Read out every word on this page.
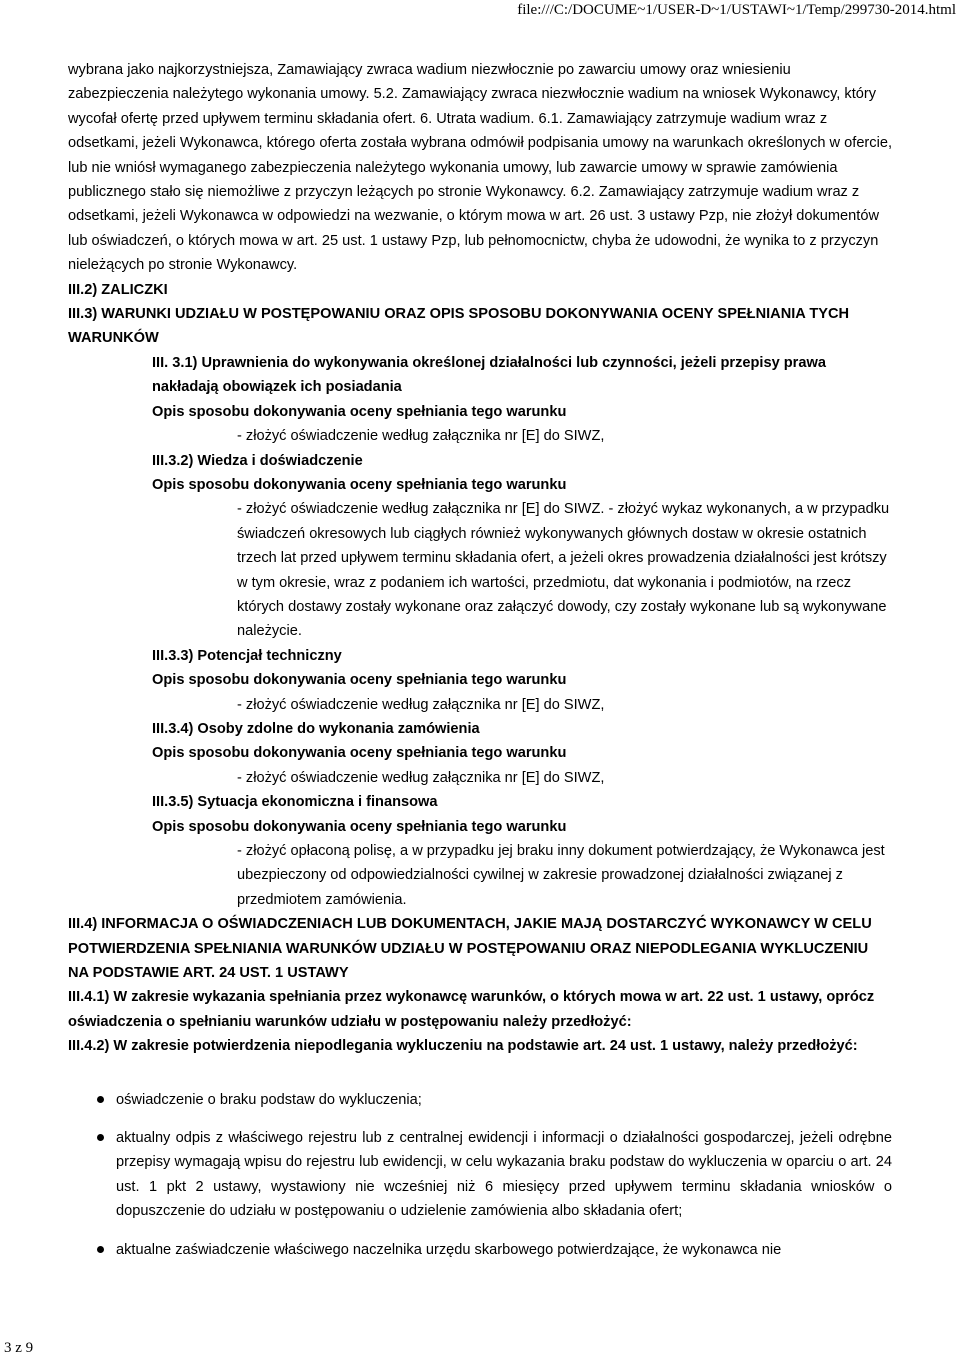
file:///C:/DOCUME~1/USER-D~1/USTAWI~1/Temp/299730-2014.html

wybrana jako najkorzystniejsza, Zamawiający zwraca wadium niezwłocznie po zawarciu umowy oraz wniesieniu zabezpieczenia należytego wykonania umowy. 5.2. Zamawiający zwraca niezwłocznie wadium na wniosek Wykonawcy, który wycofał ofertę przed upływem terminu składania ofert. 6. Utrata wadium. 6.1. Zamawiający zatrzymuje wadium wraz z odsetkami, jeżeli Wykonawca, którego oferta została wybrana odmówił podpisania umowy na warunkach określonych w ofercie, lub nie wniósł wymaganego zabezpieczenia należytego wykonania umowy, lub zawarcie umowy w sprawie zamówienia publicznego stało się niemożliwe z przyczyn leżących po stronie Wykonawcy. 6.2. Zamawiający zatrzymuje wadium wraz z odsetkami, jeżeli Wykonawca w odpowiedzi na wezwanie, o którym mowa w art. 26 ust. 3 ustawy Pzp, nie złożył dokumentów lub oświadczeń, o których mowa w art. 25 ust. 1 ustawy Pzp, lub pełnomocnictw, chyba że udowodni, że wynika to z przyczyn nieleżących po stronie Wykonawcy.

III.2) ZALICZKI

III.3) WARUNKI UDZIAŁU W POSTĘPOWANIU ORAZ OPIS SPOSOBU DOKONYWANIA OCENY SPEŁNIANIA TYCH WARUNKÓW

III. 3.1) Uprawnienia do wykonywania określonej działalności lub czynności, jeżeli przepisy prawa nakładają obowiązek ich posiadania

Opis sposobu dokonywania oceny spełniania tego warunku

- złożyć oświadczenie według załącznika nr [E] do SIWZ,

III.3.2) Wiedza i doświadczenie

Opis sposobu dokonywania oceny spełniania tego warunku

- złożyć oświadczenie według załącznika nr [E] do SIWZ. - złożyć wykaz wykonanych, a w przypadku świadczeń okresowych lub ciągłych również wykonywanych głównych dostaw w okresie ostatnich trzech lat przed upływem terminu składania ofert, a jeżeli okres prowadzenia działalności jest krótszy w tym okresie, wraz z podaniem ich wartości, przedmiotu, dat wykonania i podmiotów, na rzecz których dostawy zostały wykonane oraz załączyć dowody, czy zostały wykonane lub są wykonywane należycie.

III.3.3) Potencjał techniczny

Opis sposobu dokonywania oceny spełniania tego warunku

- złożyć oświadczenie według załącznika nr [E] do SIWZ,

III.3.4) Osoby zdolne do wykonania zamówienia

Opis sposobu dokonywania oceny spełniania tego warunku

- złożyć oświadczenie według załącznika nr [E] do SIWZ,

III.3.5) Sytuacja ekonomiczna i finansowa

Opis sposobu dokonywania oceny spełniania tego warunku

- złożyć opłaconą polisę, a w przypadku jej braku inny dokument potwierdzający, że Wykonawca jest ubezpieczony od odpowiedzialności cywilnej w zakresie prowadzonej działalności związanej z przedmiotem zamówienia.

III.4) INFORMACJA O OŚWIADCZENIACH LUB DOKUMENTACH, JAKIE MAJĄ DOSTARCZYĆ WYKONAWCY W CELU POTWIERDZENIA SPEŁNIANIA WARUNKÓW UDZIAŁU W POSTĘPOWANIU ORAZ NIEPODLEGANIA WYKLUCZENIU NA PODSTAWIE ART. 24 UST. 1 USTAWY

III.4.1) W zakresie wykazania spełniania przez wykonawcę warunków, o których mowa w art. 22 ust. 1 ustawy, oprócz oświadczenia o spełnianiu warunków udziału w postępowaniu należy przedłożyć:

III.4.2) W zakresie potwierdzenia niepodlegania wykluczeniu na podstawie art. 24 ust. 1 ustawy, należy przedłożyć:

oświadczenie o braku podstaw do wykluczenia;
aktualny odpis z właściwego rejestru lub z centralnej ewidencji i informacji o działalności gospodarczej, jeżeli odrębne przepisy wymagają wpisu do rejestru lub ewidencji, w celu wykazania braku podstaw do wykluczenia w oparciu o art. 24 ust. 1 pkt 2 ustawy, wystawiony nie wcześniej niż 6 miesięcy przed upływem terminu składania wniosków o dopuszczenie do udziału w postępowaniu o udzielenie zamówienia albo składania ofert;
aktualne zaświadczenie właściwego naczelnika urzędu skarbowego potwierdzające, że wykonawca nie
3 z 9
